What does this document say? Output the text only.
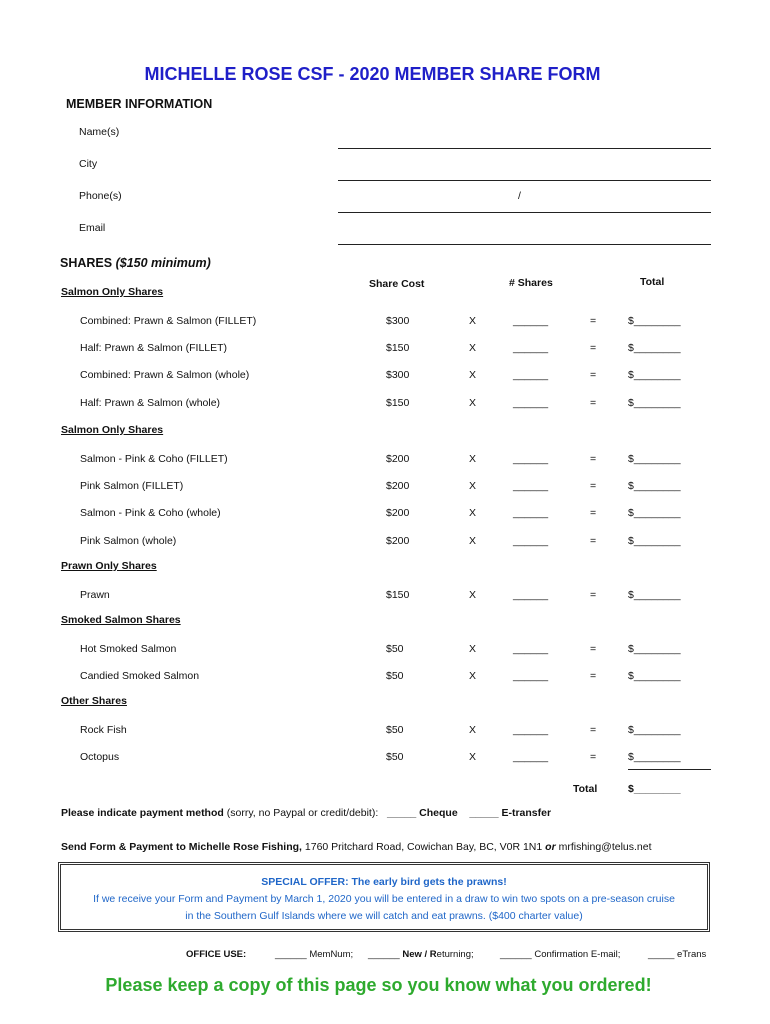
MICHELLE ROSE CSF - 2020 MEMBER SHARE FORM
MEMBER INFORMATION
Name(s)
City
Phone(s)	/
Email
SHARES ($150 minimum)
Share Cost	# Shares	Total
Salmon Only Shares
Combined: Prawn & Salmon (FILLET)	$300	X	______	=	$________
Half: Prawn & Salmon (FILLET)	$150	X	______	=	$________
Combined: Prawn & Salmon (whole)	$300	X	______	=	$________
Half: Prawn & Salmon (whole)	$150	X	______	=	$________
Salmon Only Shares
Salmon - Pink & Coho (FILLET)	$200	X	______	=	$________
Pink Salmon (FILLET)	$200	X	______	=	$________
Salmon - Pink & Coho (whole)	$200	X	______	=	$________
Pink Salmon (whole)	$200	X	______	=	$________
Prawn Only Shares
Prawn	$150	X	______	=	$________
Smoked Salmon Shares
Hot Smoked Salmon	$50	X	______	=	$________
Candied Smoked Salmon	$50	X	______	=	$________
Other Shares
Rock Fish	$50	X	______	=	$________
Octopus	$50	X	______	=	$________
Total	$________
Please indicate payment method (sorry, no Paypal or credit/debit): _____ Cheque _____ E-transfer
Send Form & Payment to Michelle Rose Fishing, 1760 Pritchard Road, Cowichan Bay, BC, V0R 1N1 or mrfishing@telus.net
SPECIAL OFFER: The early bird gets the prawns!
If we receive your Form and Payment by March 1, 2020 you will be entered in a draw to win two spots on a pre-season cruise in the Southern Gulf Islands where we will catch and eat prawns. ($400 charter value)
OFFICE USE:	______ MemNum; ______ New / Returning;	______ Confirmation E-mail;	_____ eTrans
Please keep a copy of this page so you know what you ordered!
